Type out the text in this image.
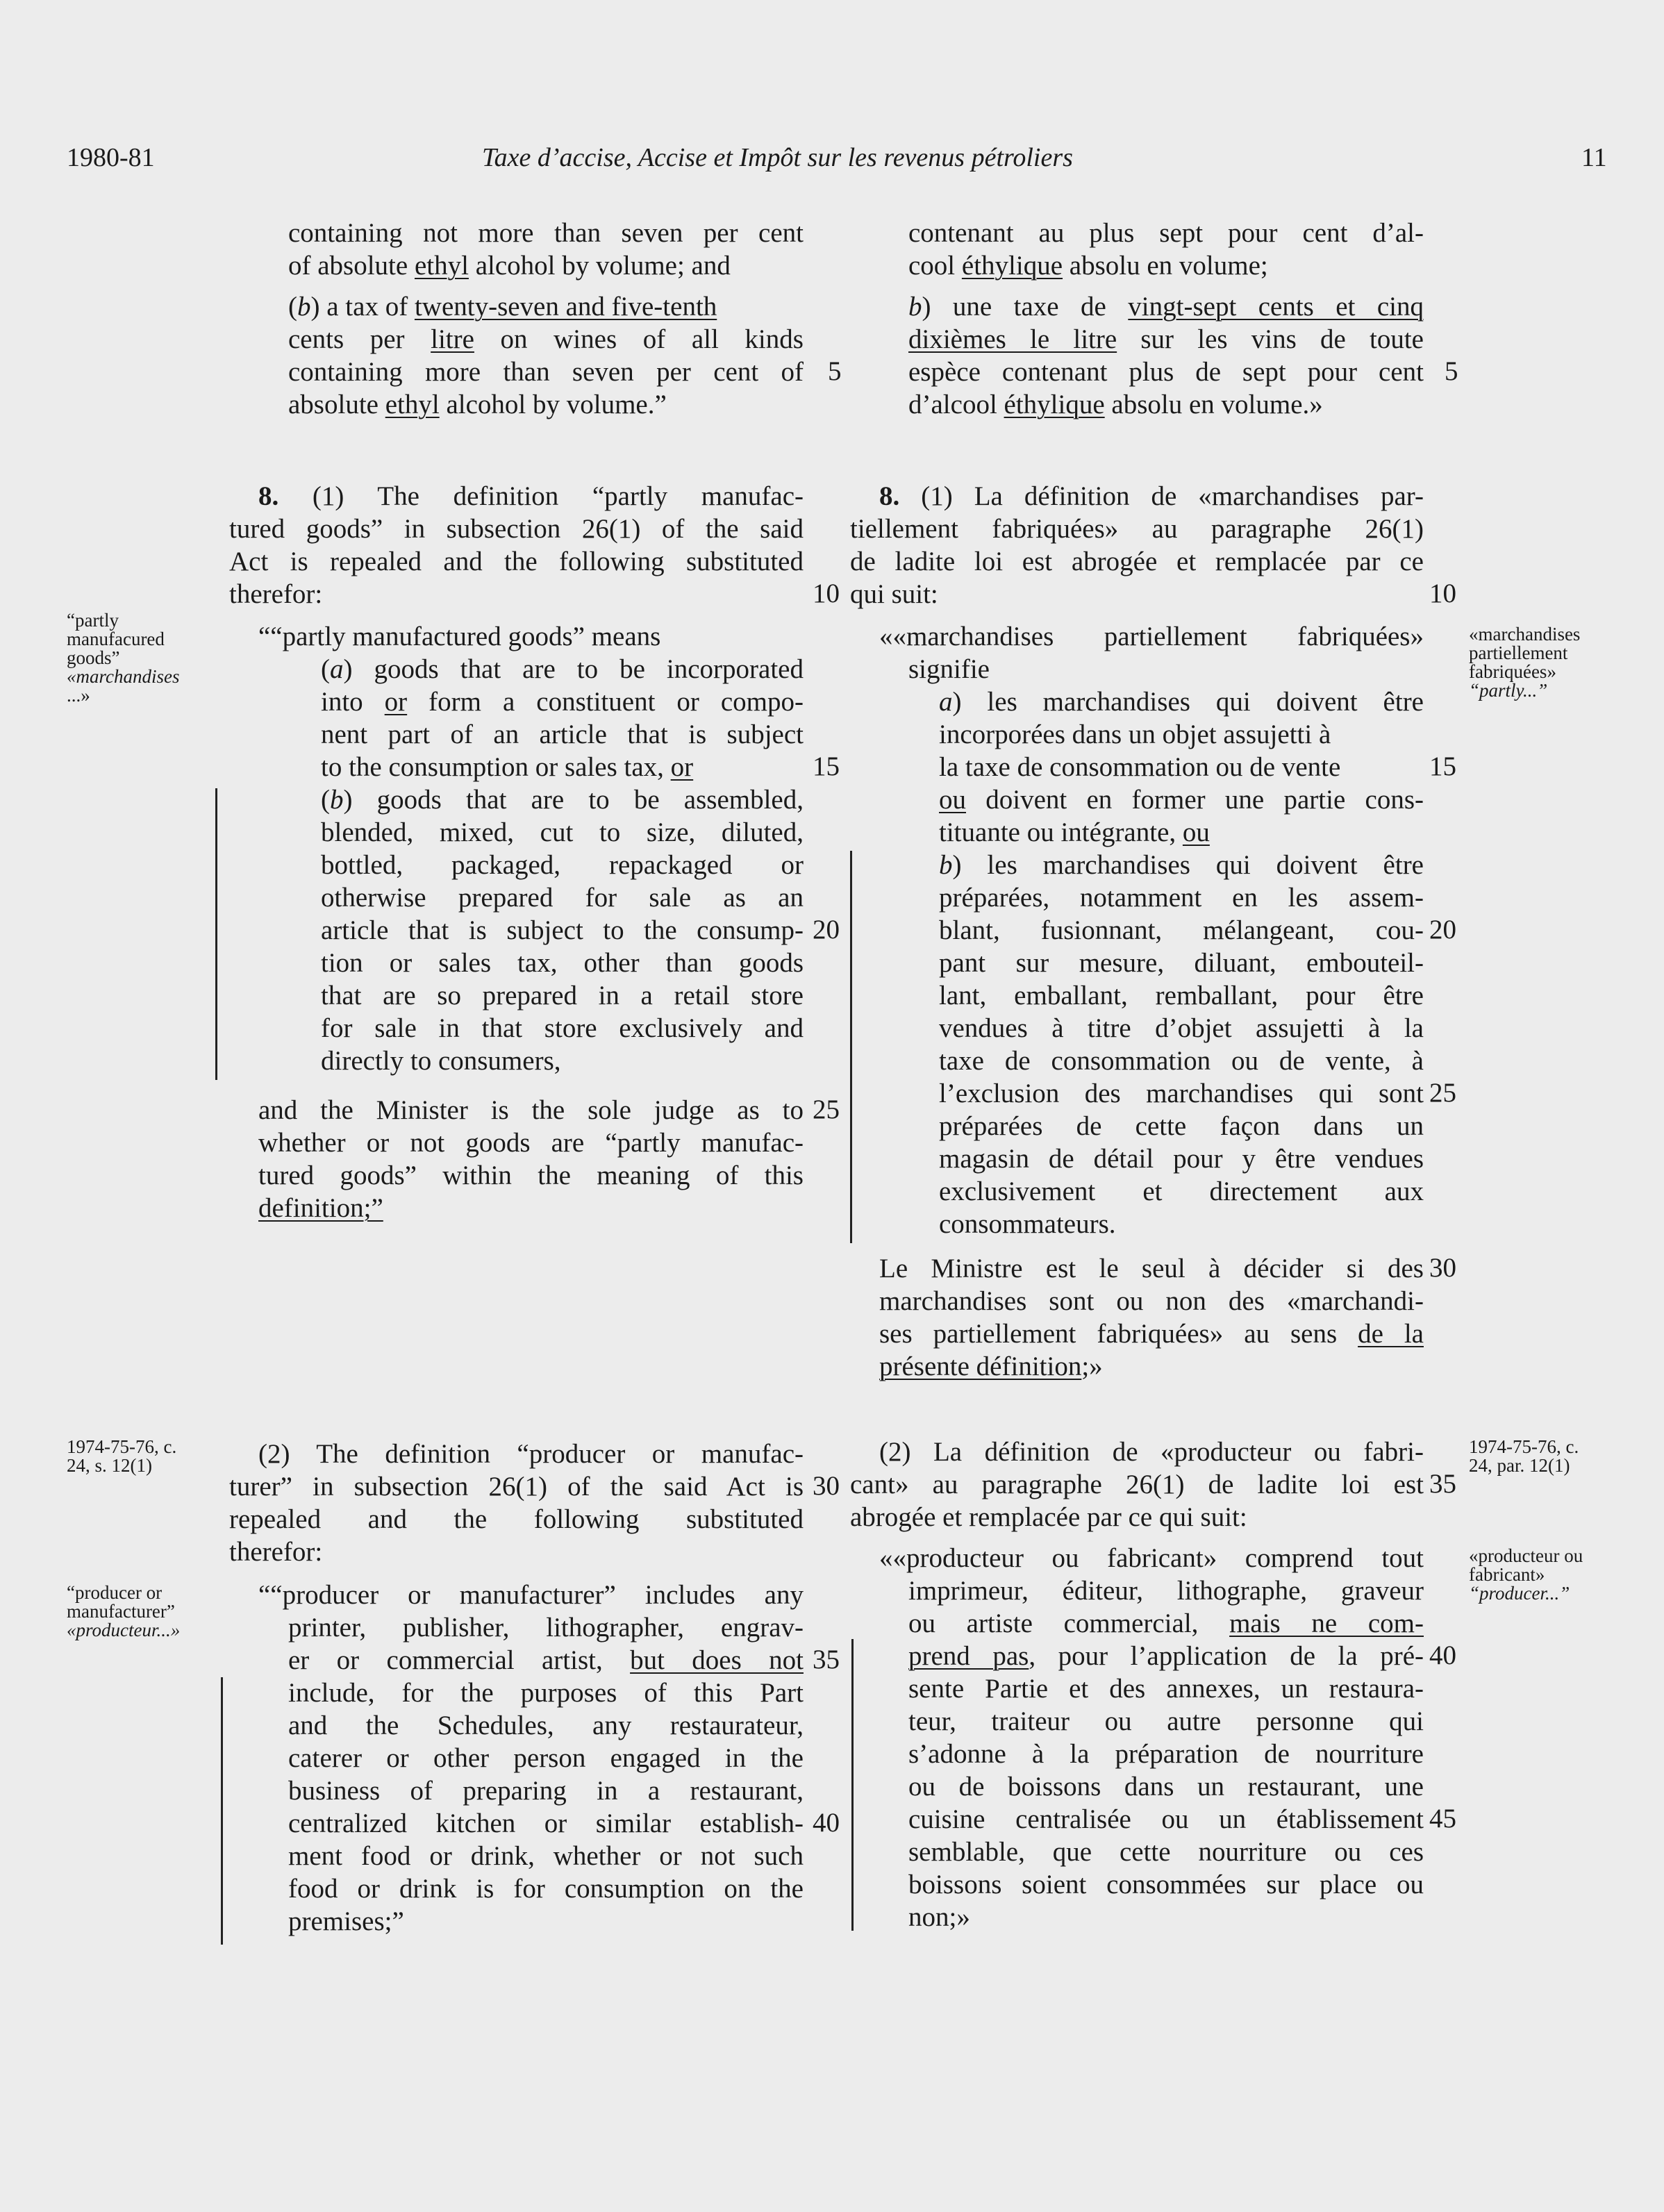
1980-81	Taxe d’accise, Accise et Impôt sur les revenus pétroliers	11
containing not more than seven per cent
of absolute ethyl alcohol by volume; and
(b) a tax of twenty-seven and five-tenth
cents per litre on wines of all kinds
containing more than seven per cent of
absolute ethyl alcohol by volume.”
8. (1) The definition “partly manufac-
tured goods” in subsection 26(1) of the said
Act is repealed and the following substituted
therefor:
““partly manufactured goods” means
(a) goods that are to be incorporated
into or form a constituent or compo-
nent part of an article that is subject
to the consumption or sales tax, or
(b) goods that are to be assembled,
blended, mixed, cut to size, diluted,
bottled, packaged, repackaged or
otherwise prepared for sale as an
article that is subject to the consump-
tion or sales tax, other than goods
that are so prepared in a retail store
for sale in that store exclusively and
directly to consumers,
and the Minister is the sole judge as to
whether or not goods are “partly manufac-
tured goods” within the meaning of this
definition;”
(2) The definition “producer or manufac-
turer” in subsection 26(1) of the said Act is
repealed and the following substituted
therefor:
““producer or manufacturer” includes any
printer, publisher, lithographer, engrav-
er or commercial artist, but does not
include, for the purposes of this Part
and the Schedules, any restaurateur,
caterer or other person engaged in the
business of preparing in a restaurant,
centralized kitchen or similar establish-
ment food or drink, whether or not such
food or drink is for consumption on the
premises;”
5
10
15
20
25
30
35
40
contenant au plus sept pour cent d’al-
cool éthylique absolu en volume;
b) une taxe de vingt-sept cents et cinq
dixièmes le litre sur les vins de toute
espèce contenant plus de sept pour cent
d’alcool éthylique absolu en volume.»
8. (1) La définition de «marchandises par-
tiellement fabriquées» au paragraphe 26(1)
de ladite loi est abrogée et remplacée par ce
qui suit:
««marchandises partiellement fabriquées»
signifie
a) les marchandises qui doivent être
incorporées dans un objet assujetti à
la taxe de consommation ou de vente
ou doivent en former une partie cons-
tituante ou intégrante, ou
b) les marchandises qui doivent être
préparées, notamment en les assem-
blant, fusionnant, mélangeant, cou-
pant sur mesure, diluant, embouteil-
lant, emballant, remballant, pour être
vendues à titre d’objet assujetti à la
taxe de consommation ou de vente, à
l’exclusion des marchandises qui sont
préparées de cette façon dans un
magasin de détail pour y être vendues
exclusivement et directement aux
consommateurs.
Le Ministre est le seul à décider si des
marchandises sont ou non des «marchandi-
ses partiellement fabriquées» au sens de la
présente définition;»
(2) La définition de «producteur ou fabri-
cant» au paragraphe 26(1) de ladite loi est
abrogée et remplacée par ce qui suit:
««producteur ou fabricant» comprend tout
imprimeur, éditeur, lithographe, graveur
ou artiste commercial, mais ne com-
prend pas, pour l’application de la pré-
sente Partie et des annexes, un restaura-
teur, traiteur ou autre personne qui
s’adonne à la préparation de nourriture
ou de boissons dans un restaurant, une
cuisine centralisée ou un établissement
semblable, que cette nourriture ou ces
boissons soient consommées sur place ou
non;»
5
10
15
20
25
30
35
40
45
“partly
manufacured
goods”
«marchandises
...»
1974-75-76, c.
24, s. 12(1)
“producer or
manufacturer”
«producteur...»
«marchandises
partiellement
fabriquées»
“partly...”
1974-75-76, c.
24, par. 12(1)
«producteur ou
fabricant»
“producer...”
